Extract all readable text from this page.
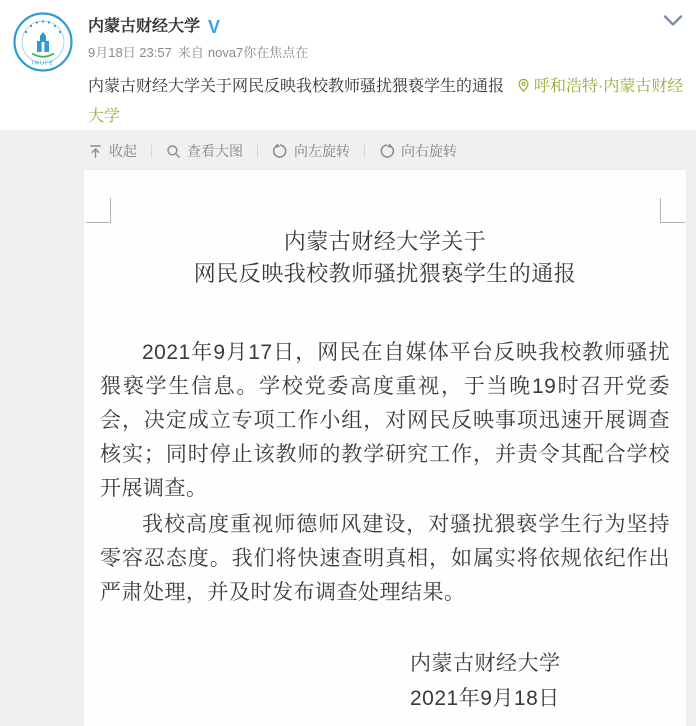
IMUFE
内蒙古财经大学 V
9月18日 23:57 来自 nova7你在焦点在
内蒙古财经大学关于网民反映我校教师骚扰猥亵学生的通报 呼和浩特·内蒙古财经大学
收起	查看大图	向左旋转	向右旋转
内蒙古财经大学关于
网民反映我校教师骚扰猥亵学生的通报

2021年9月17日，网民在自媒体平台反映我校教师骚扰猥亵学生信息。学校党委高度重视，于当晚19时召开党委会，决定成立专项工作小组，对网民反映事项迅速开展调查核实；同时停止该教师的教学研究工作，并责令其配合学校开展调查。

我校高度重视师德师风建设，对骚扰猥亵学生行为坚持零容忍态度。我们将快速查明真相，如属实将依规依纪作出严肃处理，并及时发布调查处理结果。

内蒙古财经大学
2021年9月18日
